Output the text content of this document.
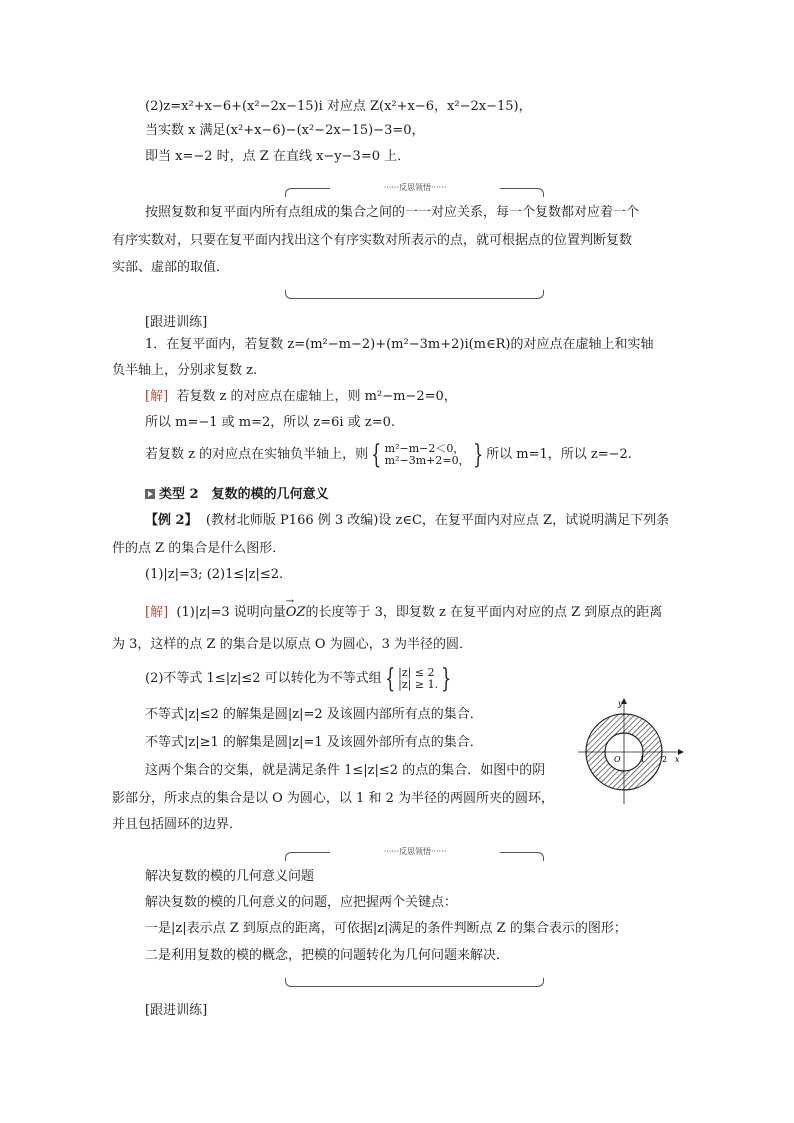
(2)z=x²+x−6+(x²−2x−15)i 对应点 Z(x²+x−6，x²−2x−15)，
当实数 x 满足(x²+x−6)−(x²−2x−15)−3=0，
即当 x=−2 时，点 Z 在直线 x−y−3=0 上．
······反思领悟······
按照复数和复平面内所有点组成的集合之间的一一对应关系，每一个复数都对应着一个
有序实数对，只要在复平面内找出这个有序实数对所表示的点，就可根据点的位置判断复数
实部、虚部的取值．
[跟进训练]
1．在复平面内，若复数 z=(m²−m−2)+(m²−3m+2)i(m∈R)的对应点在虚轴上和实轴
负半轴上，分别求复数 z.
[解] 若复数 z 的对应点在虚轴上，则 m²−m−2=0，
所以 m=−1 或 m=2，所以 z=6i 或 z=0.
若复数 z 的对应点在实轴负半轴上，则 { m²−m−2＜0，
m²−3m+2=0， } 所以 m=1，所以 z=−2.
类型 2　复数的模的几何意义
【例 2】 (教材北师版 P166 例 3 改编)设 z∈C，在复平面内对应点 Z，试说明满足下列条
件的点 Z 的集合是什么图形．
(1)|z|=3; (2)1≤|z|≤2.
[解] (1)|z|=3 说明向量→ OZ的长度等于 3，即复数 z 在复平面内对应的点 Z 到原点的距离
为 3，这样的点 Z 的集合是以原点 O 为圆心，3 为半径的圆．
(2)不等式 1≤|z|≤2 可以转化为不等式组 { |z| ≤ 2
|z| ≥ 1. }
不等式|z|≤2 的解集是圆|z|=2 及该圆内部所有点的集合．
不等式|z|≥1 的解集是圆|z|=1 及该圆外部所有点的集合．
这两个集合的交集，就是满足条件 1≤|z|≤2 的点的集合．如图中的阴
影部分，所求点的集合是以 O 为圆心，以 1 和 2 为半径的两圆所夹的圆环，
并且包括圆环的边界．
y
x
O 1 2
······反思领悟······
解决复数的模的几何意义问题
解决复数的模的几何意义的问题，应把握两个关键点：
一是|z|表示点 Z 到原点的距离，可依据|z|满足的条件判断点 Z 的集合表示的图形；
二是利用复数的模的概念，把模的问题转化为几何问题来解决．
[跟进训练]
